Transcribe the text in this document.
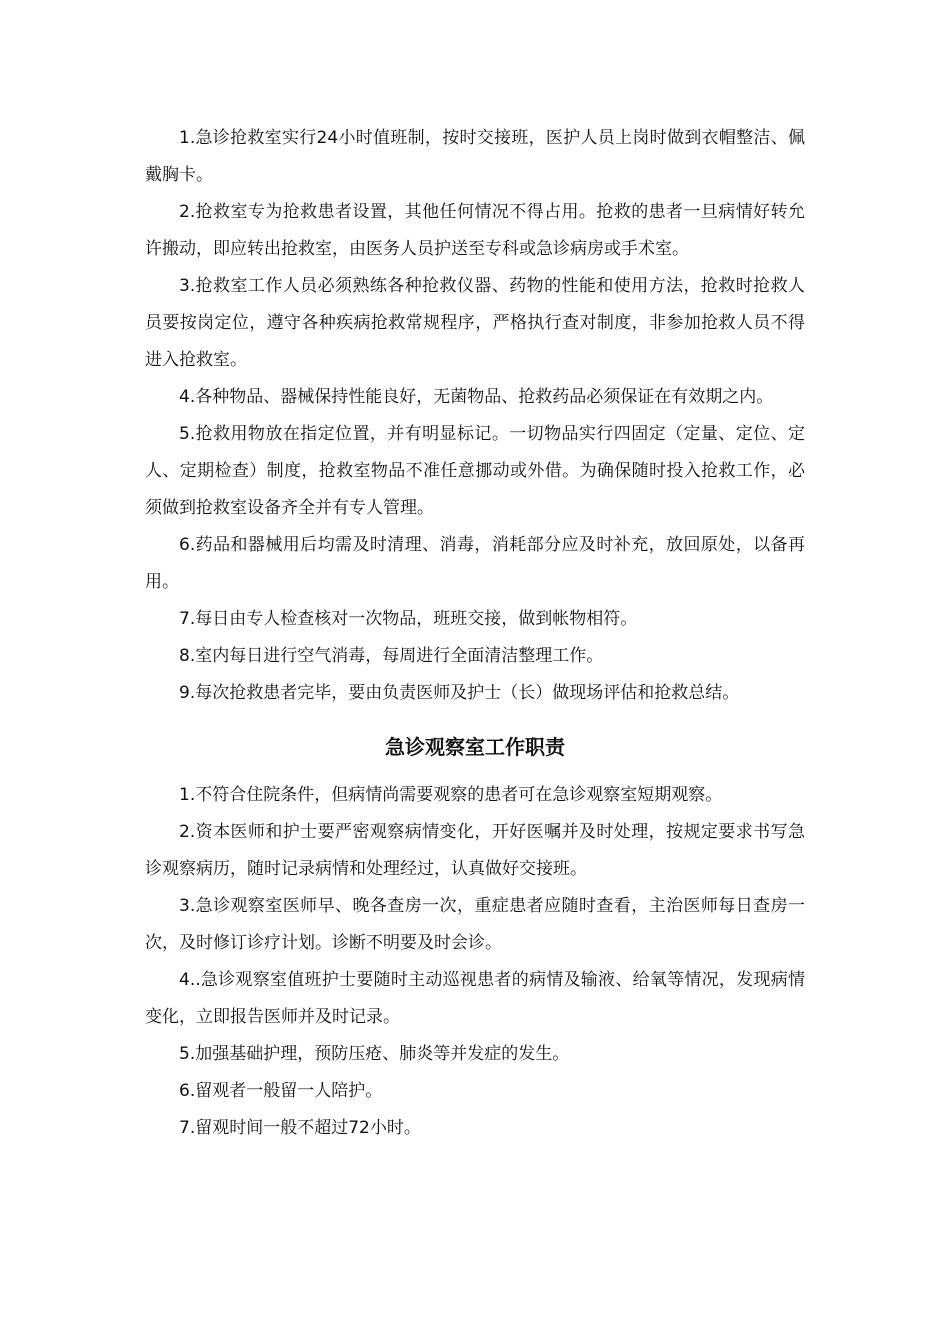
1.急诊抢救室实行24小时值班制，按时交接班，医护人员上岗时做到衣帽整洁、佩戴胸卡。

2.抢救室专为抢救患者设置，其他任何情况不得占用。抢救的患者一旦病情好转允许搬动，即应转出抢救室，由医务人员护送至专科或急诊病房或手术室。

3.抢救室工作人员必须熟练各种抢救仪器、药物的性能和使用方法，抢救时抢救人员要按岗定位，遵守各种疾病抢救常规程序，严格执行查对制度，非参加抢救人员不得进入抢救室。

4.各种物品、器械保持性能良好，无菌物品、抢救药品必须保证在有效期之内。

5.抢救用物放在指定位置，并有明显标记。一切物品实行四固定（定量、定位、定人、定期检查）制度，抢救室物品不准任意挪动或外借。为确保随时投入抢救工作，必须做到抢救室设备齐全并有专人管理。

6.药品和器械用后均需及时清理、消毒，消耗部分应及时补充，放回原处，以备再用。

7.每日由专人检查核对一次物品，班班交接，做到帐物相符。

8.室内每日进行空气消毒，每周进行全面清洁整理工作。

9.每次抢救患者完毕，要由负责医师及护士（长）做现场评估和抢救总结。

急诊观察室工作职责

1.不符合住院条件，但病情尚需要观察的患者可在急诊观察室短期观察。

2.资本医师和护士要严密观察病情变化，开好医嘱并及时处理，按规定要求书写急诊观察病历，随时记录病情和处理经过，认真做好交接班。

3.急诊观察室医师早、晚各查房一次，重症患者应随时查看，主治医师每日查房一次，及时修订诊疗计划。诊断不明要及时会诊。

4..急诊观察室值班护士要随时主动巡视患者的病情及输液、给氧等情况，发现病情变化，立即报告医师并及时记录。

5.加强基础护理，预防压疮、肺炎等并发症的发生。

6.留观者一般留一人陪护。

7.留观时间一般不超过72小时。
